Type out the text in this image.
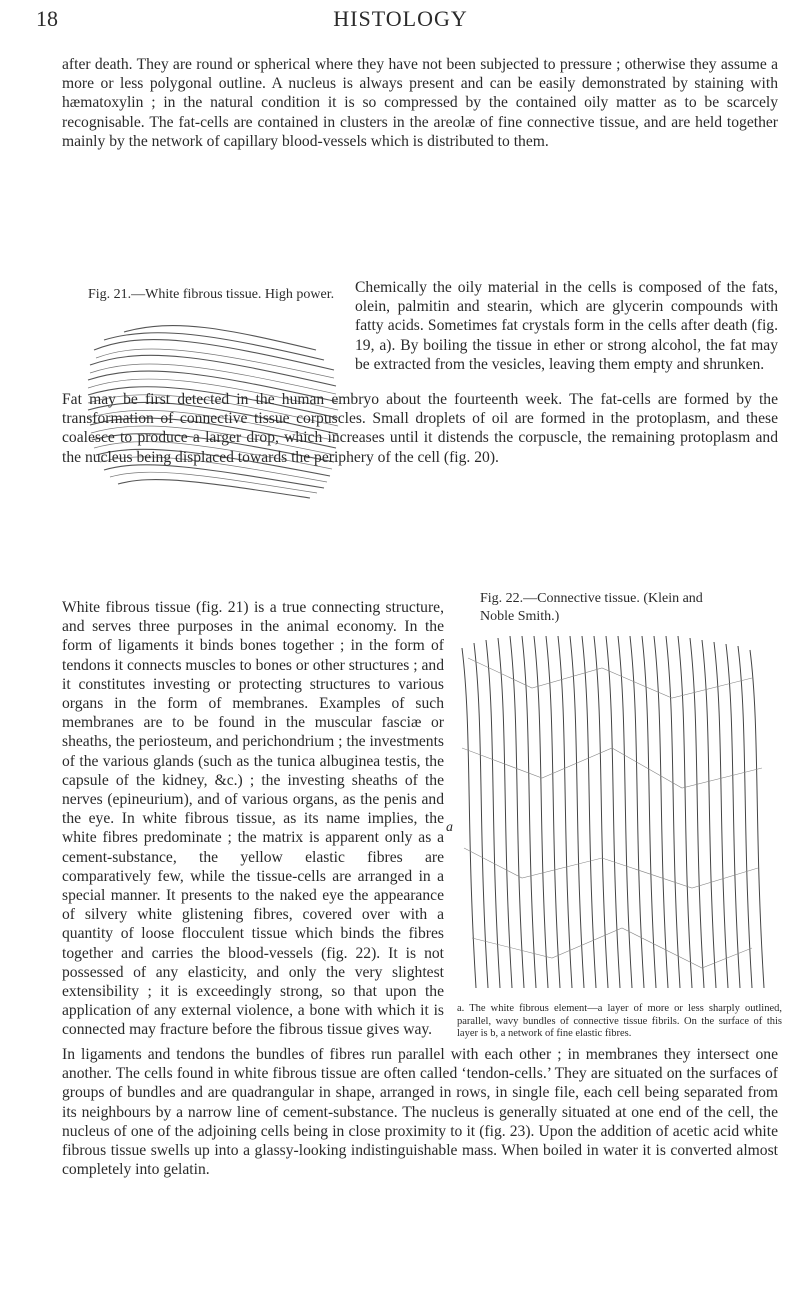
18	HISTOLOGY

after death. They are round or spherical where they have not been subjected to pressure ; otherwise they assume a more or less polygonal outline. A nucleus is always present and can be easily demonstrated by staining with hæmatoxylin ; in the natural condition it is so compressed by the contained oily matter as to be scarcely recognisable. The fat-cells are contained in clusters in the areolæ of fine connective tissue, and are held together mainly by the network of capillary blood-vessels which is distributed to them.

Fig. 21.—White fibrous tissue. High power. Chemically the oily material in the cells is composed of the fats, olein, palmitin and stearin, which are glycerin compounds with fatty acids. Sometimes fat crystals form in the cells after death (fig. 19, a). By boiling the tissue in ether or strong alcohol, the fat may be extracted from the vesicles, leaving them empty and shrunken.

Fat may be first detected in the human embryo about the fourteenth week. The fat-cells are formed by the transformation of connective tissue corpuscles. Small droplets of oil are formed in the protoplasm, and these coalesce to produce a larger drop, which increases until it distends the corpuscle, the remaining protoplasm and the nucleus being displaced towards the periphery of the cell (fig. 20).

Fig. 22.—Connective tissue. (Klein and Noble Smith.)
a

a. The white fibrous element—a layer of more or less sharply outlined, parallel, wavy bundles of connective tissue fibrils. On the surface of this layer is b, a network of fine elastic fibres.

White fibrous tissue (fig. 21) is a true connecting structure, and serves three purposes in the animal economy. In the form of ligaments it binds bones together ; in the form of tendons it connects muscles to bones or other structures ; and it constitutes investing or protecting structures to various organs in the form of membranes. Examples of such membranes are to be found in the muscular fasciæ or sheaths, the periosteum, and perichondrium ; the investments of the various glands (such as the tunica albuginea testis, the capsule of the kidney, &c.) ; the investing sheaths of the nerves (epineurium), and of various organs, as the penis and the eye. In white fibrous tissue, as its name implies, the white fibres predominate ; the matrix is apparent only as a cement-substance, the yellow elastic fibres are comparatively few, while the tissue-cells are arranged in a special manner. It presents to the naked eye the appearance of silvery white glistening fibres, covered over with a quantity of loose flocculent tissue which binds the fibres together and carries the blood-vessels (fig. 22). It is not possessed of any elasticity, and only the very slightest extensibility ; it is exceedingly strong, so that upon the application of any external violence, a bone with which it is connected may fracture before the fibrous tissue gives way.

In ligaments and tendons the bundles of fibres run parallel with each other ; in membranes they intersect one another. The cells found in white fibrous tissue are often called ‘tendon-cells.’ They are situated on the surfaces of groups of bundles and are quadrangular in shape, arranged in rows, in single file, each cell being separated from its neighbours by a narrow line of cement-substance. The nucleus is generally situated at one end of the cell, the nucleus of one of the adjoining cells being in close proximity to it (fig. 23). Upon the addition of acetic acid white fibrous tissue swells up into a glassy-looking indistinguishable mass. When boiled in water it is converted almost completely into gelatin.
